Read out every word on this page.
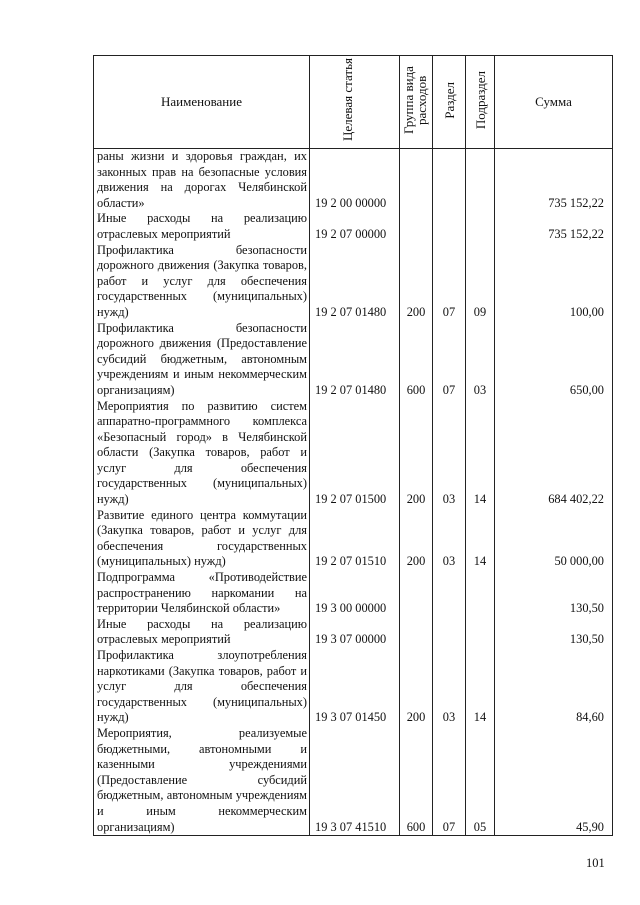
Наименование	Целевая статья	Группа вида расходов	Раздел	Подраздел	Сумма
раны жизни и здоровья граждан, их законных прав на безопасные условия движения на дорогах Челябинской области»	19 2 00 00000				735 152,22
Иные расходы на реализацию отраслевых мероприятий	19 2 07 00000				735 152,22
Профилактика безопасности дорожного движения (Закупка товаров, работ и услуг для обеспечения государственных (муниципальных) нужд)	19 2 07 01480	200	07	09	100,00
Профилактика безопасности дорожного движения (Предоставление субсидий бюджетным, автономным учреждениям и иным некоммерческим организациям)	19 2 07 01480	600	07	03	650,00
Мероприятия по развитию систем аппаратно-программного комплекса «Безопасный город» в Челябинской области (Закупка товаров, работ и услуг для обеспечения государственных (муниципальных) нужд)	19 2 07 01500	200	03	14	684 402,22
Развитие единого центра коммутации (Закупка товаров, работ и услуг для обеспечения государственных (муниципальных) нужд)	19 2 07 01510	200	03	14	50 000,00
Подпрограмма «Противодействие распространению наркомании на территории Челябинской области»	19 3 00 00000				130,50
Иные расходы на реализацию отраслевых мероприятий	19 3 07 00000				130,50
Профилактика злоупотребления наркотиками (Закупка товаров, работ и услуг для обеспечения государственных (муниципальных) нужд)	19 3 07 01450	200	03	14	84,60
Мероприятия, реализуемые бюджетными, автономными и казенными учреждениями (Предоставление субсидий бюджетным, автономным учреждениям и иным некоммерческим организациям)	19 3 07 41510	600	07	05	45,90
101
